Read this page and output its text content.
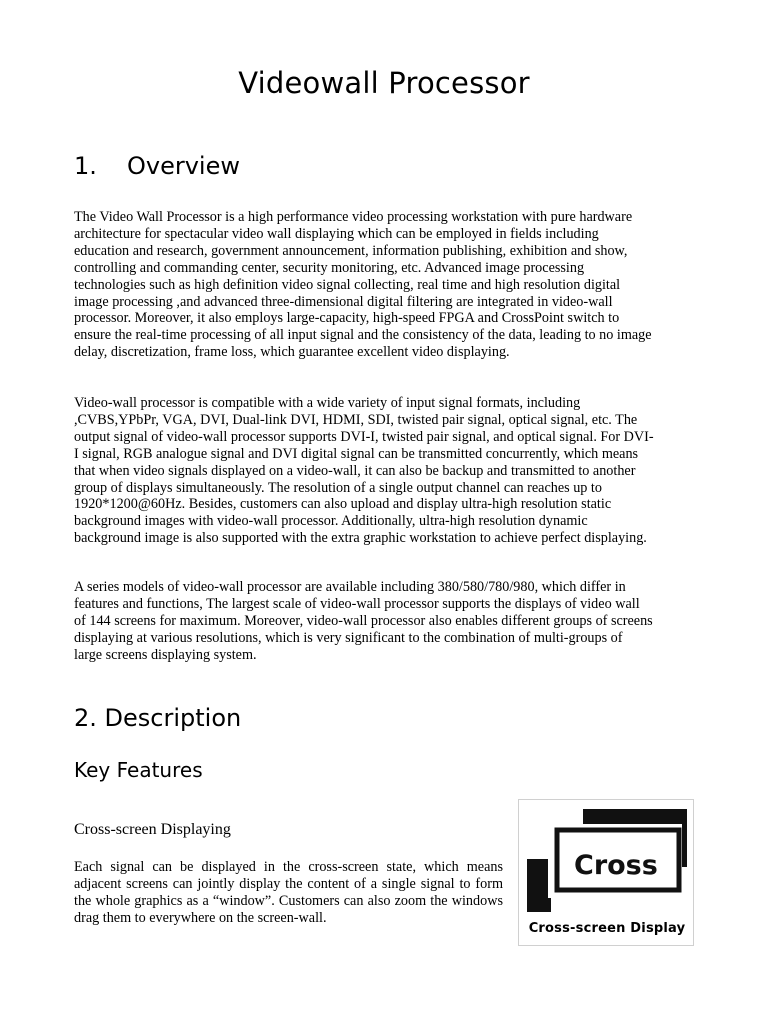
Videowall Processor
1. Overview

The Video Wall Processor is a high performance video processing workstation with pure hardware architecture for spectacular video wall displaying which can be employed in fields including education and research, government announcement, information publishing, exhibition and show, controlling and commanding center, security monitoring, etc. Advanced image processing technologies such as high definition video signal collecting, real time and high resolution digital image processing ,and advanced three-dimensional digital filtering are integrated in video-wall processor. Moreover, it also employs large-capacity, high-speed FPGA and CrossPoint switch to ensure the real-time processing of all input signal and the consistency of the data, leading to no image delay, discretization, frame loss, which guarantee excellent video displaying.

Video-wall processor is compatible with a wide variety of input signal formats, including ,CVBS,YPbPr, VGA, DVI, Dual-link DVI, HDMI, SDI, twisted pair signal, optical signal, etc. The output signal of video-wall processor supports DVI-I, twisted pair signal, and optical signal. For DVI-I signal, RGB analogue signal and DVI digital signal can be transmitted concurrently, which means that when video signals displayed on a video-wall, it can also be backup and transmitted to another group of displays simultaneously. The resolution of a single output channel can reaches up to 1920*1200@60Hz. Besides, customers can also upload and display ultra-high resolution static background images with video-wall processor. Additionally, ultra-high resolution dynamic background image is also supported with the extra graphic workstation to achieve perfect displaying.

A series models of video-wall processor are available including 380/580/780/980, which differ in features and functions, The largest scale of video-wall processor supports the displays of video wall of 144 screens for maximum. Moreover, video-wall processor also enables different groups of screens displaying at various resolutions, which is very significant to the combination of multi-groups of large screens displaying system.

2. Description
Key Features
Cross-screen Displaying

Each signal can be displayed in the cross-screen state, which means adjacent screens can jointly display the content of a single signal to form the whole graphics as a “window”. Customers can also zoom the windows drag them to everywhere on the screen-wall.

Cross
Cross-screen Display
